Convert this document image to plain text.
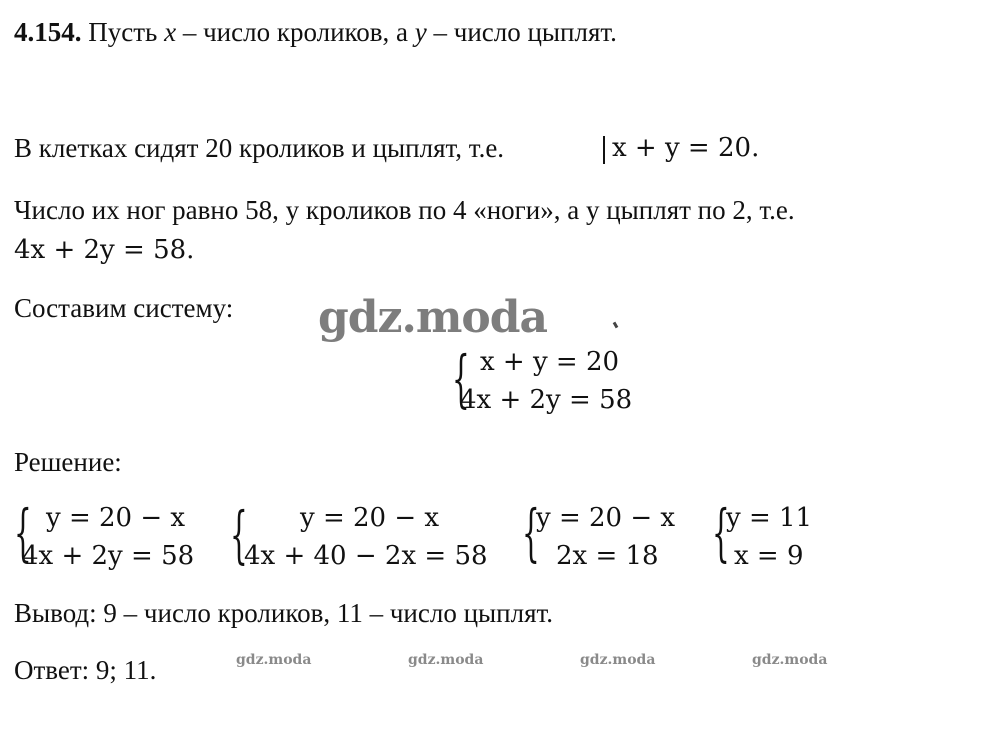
4.154. Пусть x – число кроликов, а y – число цыплят.
В клетках сидят 20 кроликов и цыплят, т.е.	x + y = 20.
Число их ног равно 58, у кроликов по 4 «ноги», а у цыплят по 2, т.е.
4x + 2y = 58.
Составим систему: gdz.moda
{ x + y = 20
4x + 2y = 58
Решение:
{ y = 20 − x
4x + 2y = 58 { y = 20 − x
4x + 40 − 2x = 58 {
y = 20 − x
2x = 18 {
y = 11
x = 9
Вывод: 9 – число кроликов, 11 – число цыплят.
Ответ: 9; 11.	gdz.moda	gdz.moda	gdz.moda	gdz.moda
